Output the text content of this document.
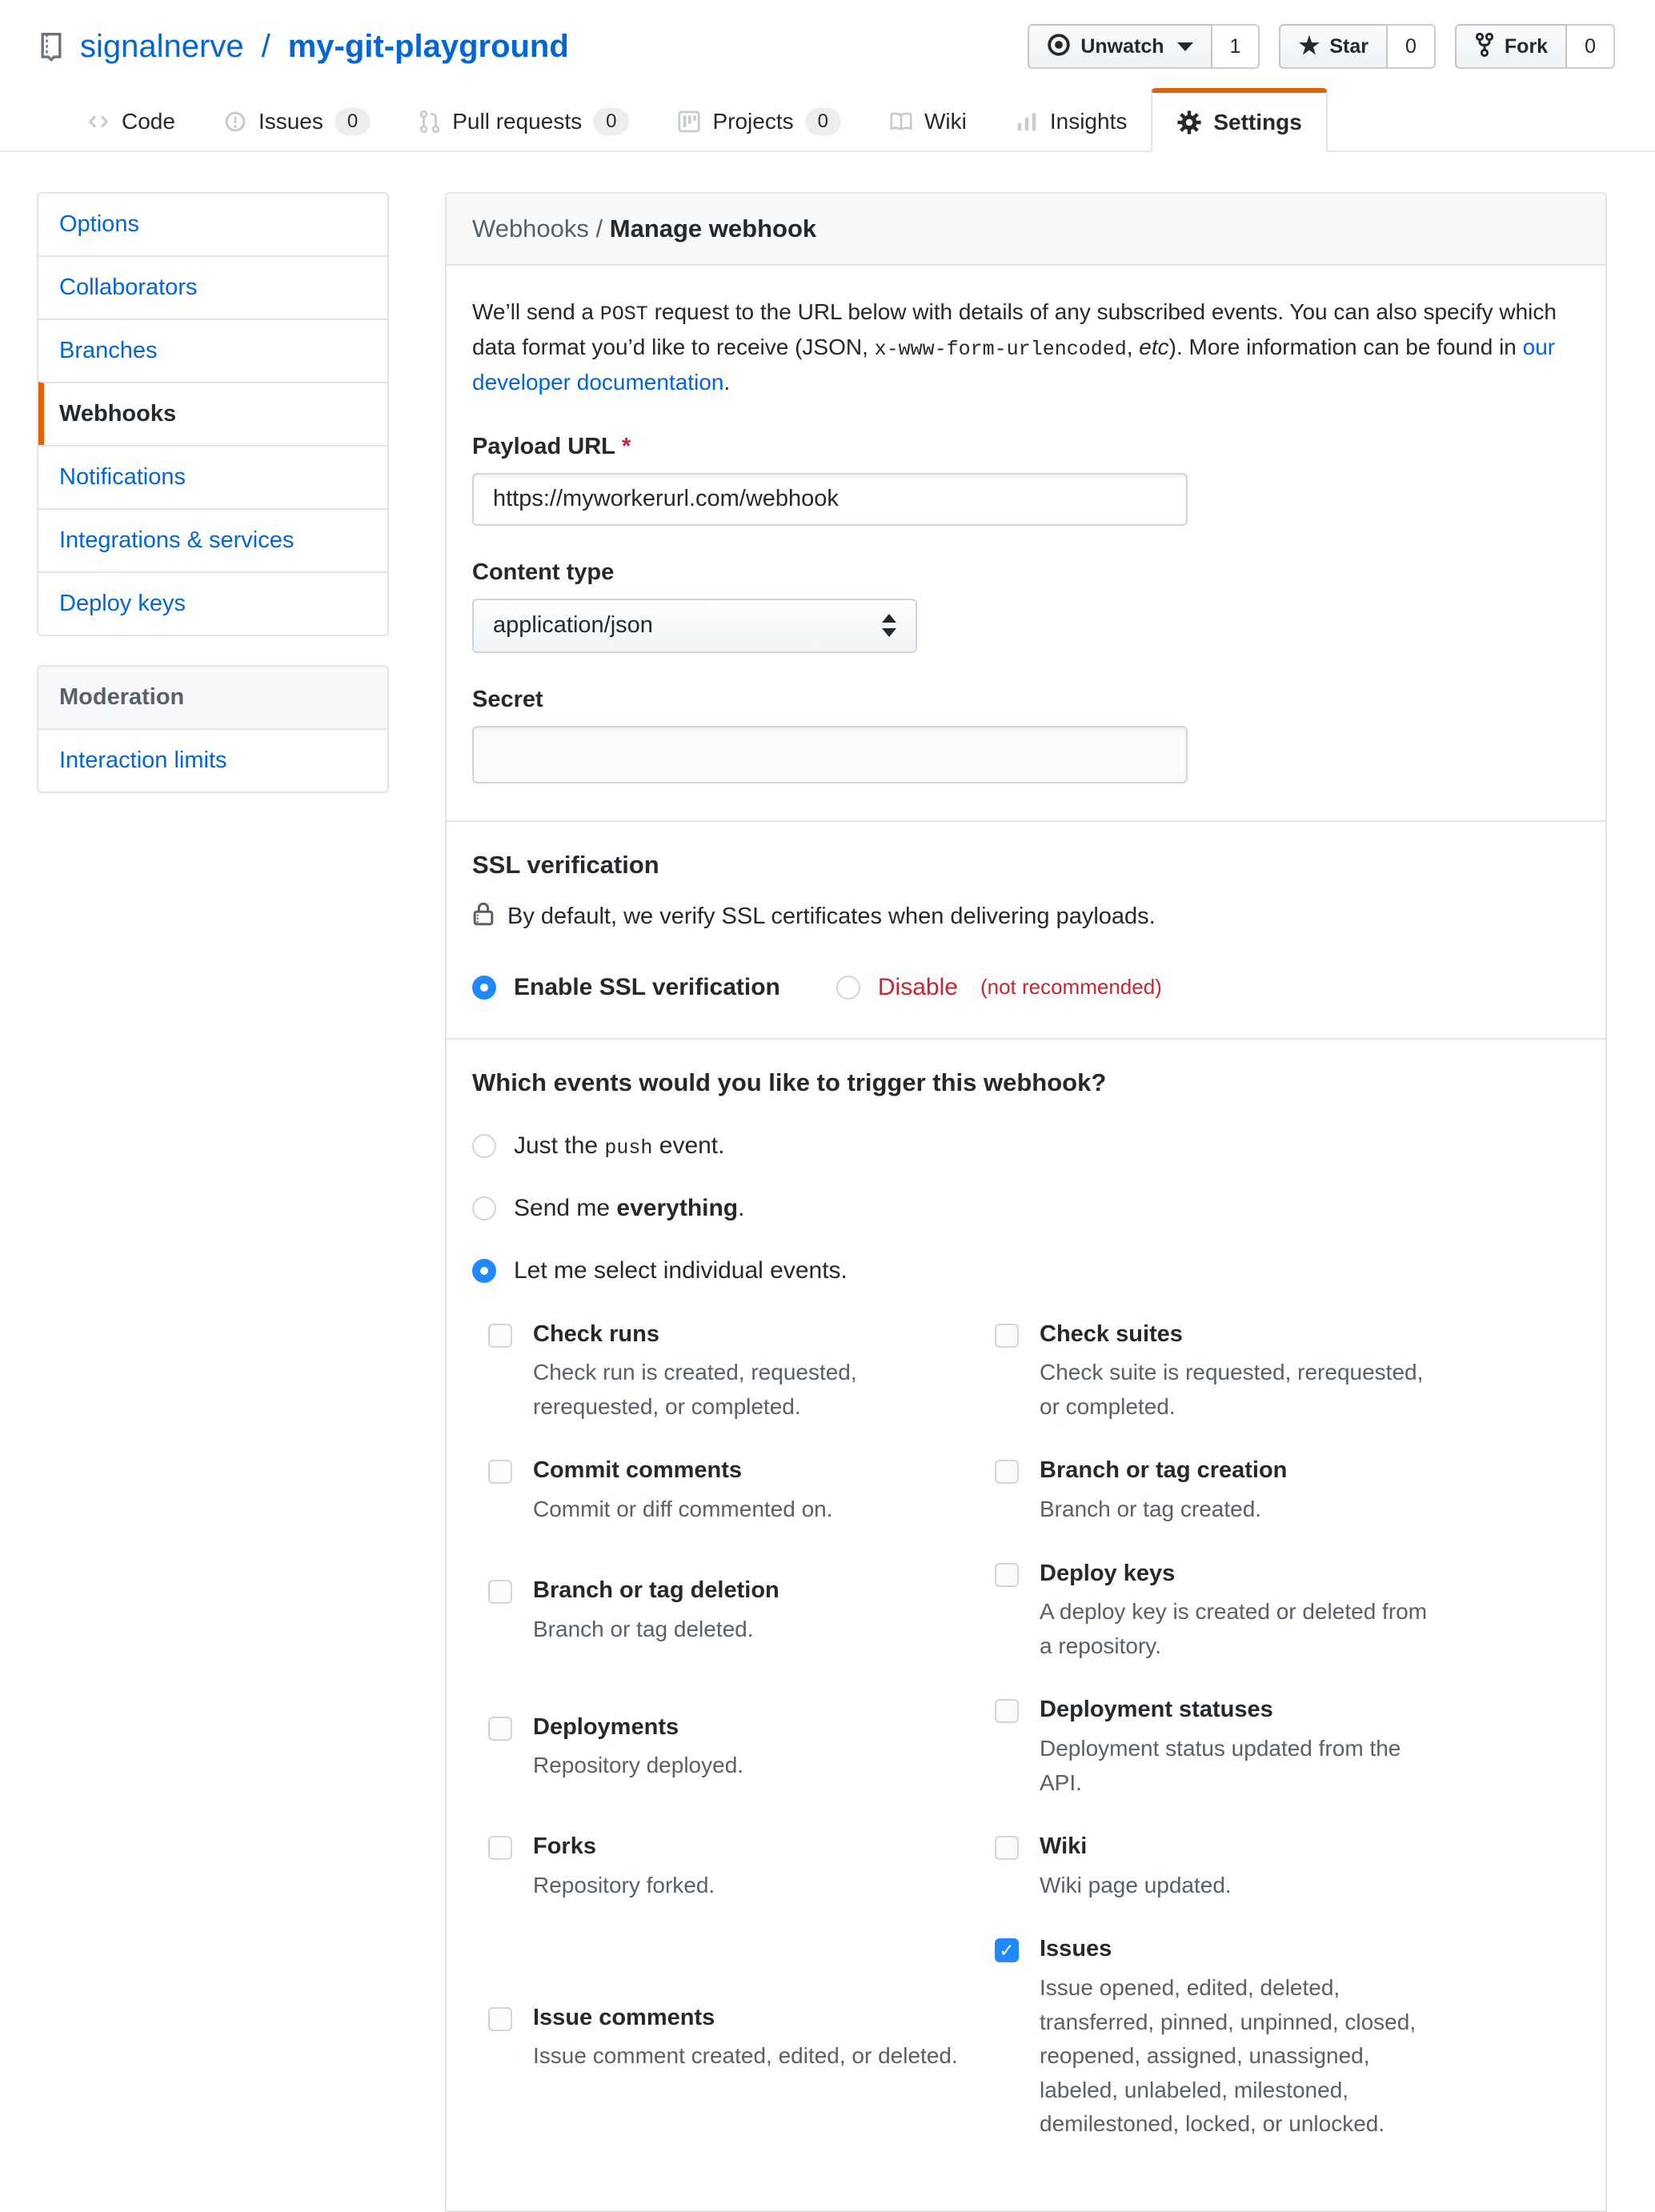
signalnerve / my-git-playground	Unwatch	1	★ Star	0	Fork	0
Code	Issues	0	Pull requests	0	Projects	0	Wiki	Insights	Settings
Options
Collaborators
Branches
Webhooks
Notifications
Integrations & services
Deploy keys
Moderation
Interaction limits
Webhooks / Manage webhook

We’ll send a POST request to the URL below with details of any subscribed events. You can also specify which data format you’d like to receive (JSON, x-www-form-urlencoded, etc). More information can be found in our developer documentation.

Payload URL *
https://myworkerurl.com/webhook
Content type
application/json
Secret
SSL verification
By default, we verify SSL certificates when delivering payloads.
Enable SSL verification	Disable (not recommended)
Which events would you like to trigger this webhook?
Just the push event.
Send me everything.
Let me select individual events.
Check runs
Check run is created, requested, rerequested, or completed.
Check suites
Check suite is requested, rerequested, or completed.
Commit comments
Commit or diff commented on.
Branch or tag creation
Branch or tag created.
Branch or tag deletion
Branch or tag deleted.
Deploy keys
A deploy key is created or deleted from a repository.
Deployments
Repository deployed.
Deployment statuses
Deployment status updated from the API.
Forks
Repository forked.
Wiki
Wiki page updated.
Issue comments
Issue comment created, edited, or deleted.
✓ Issues
Issue opened, edited, deleted, transferred, pinned, unpinned, closed, reopened, assigned, unassigned, labeled, unlabeled, milestoned, demilestoned, locked, or unlocked.
